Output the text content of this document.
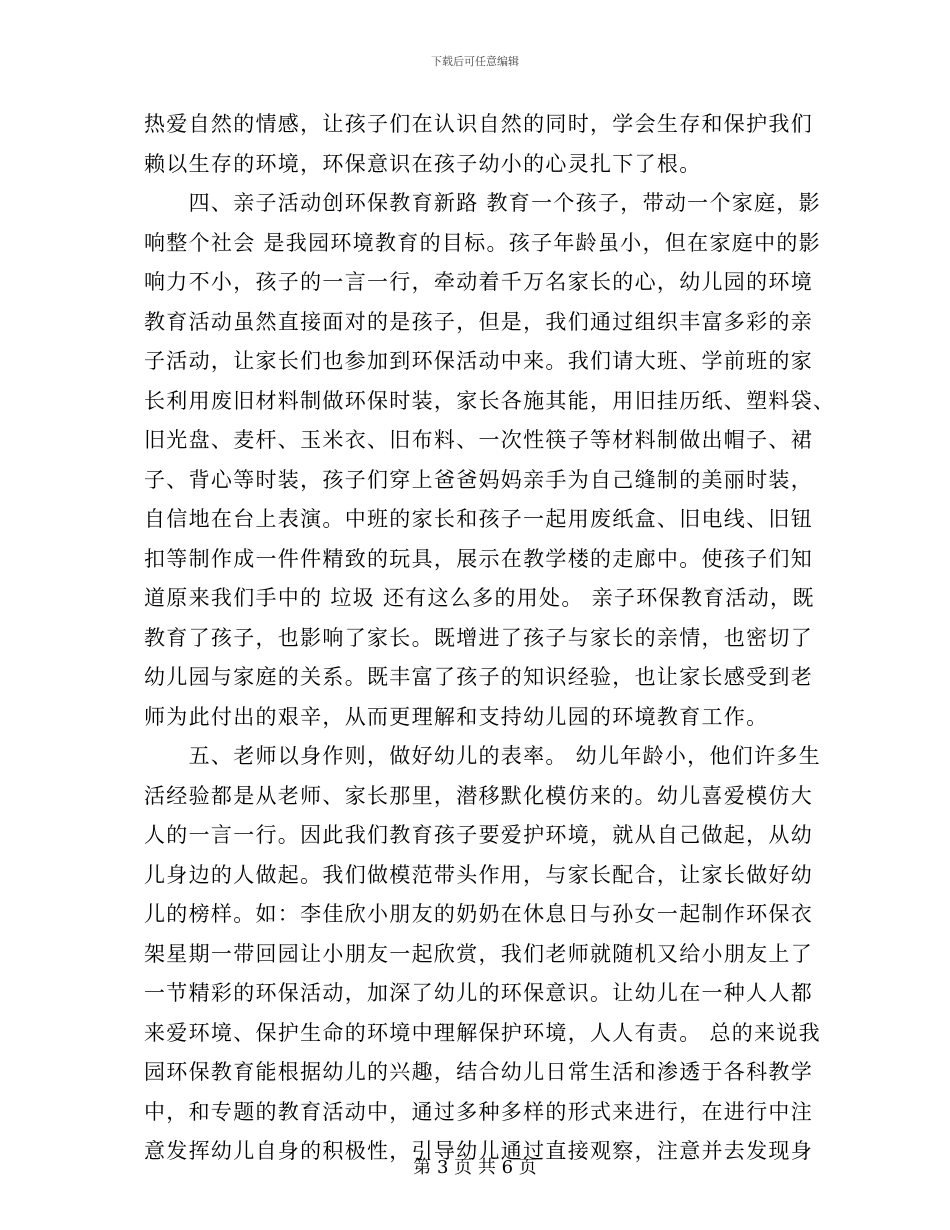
下载后可任意编辑
热爱自然的情感，让孩子们在认识自然的同时，学会生存和保护我们
赖以生存的环境，环保意识在孩子幼小的心灵扎下了根。
　　四、亲子活动创环保教育新路 教育一个孩子，带动一个家庭，影
响整个社会 是我园环境教育的目标。孩子年龄虽小，但在家庭中的影
响力不小，孩子的一言一行，牵动着千万名家长的心，幼儿园的环境
教育活动虽然直接面对的是孩子，但是，我们通过组织丰富多彩的亲
子活动，让家长们也参加到环保活动中来。我们请大班、学前班的家
长利用废旧材料制做环保时装，家长各施其能，用旧挂历纸、塑料袋、
旧光盘、麦杆、玉米衣、旧布料、一次性筷子等材料制做出帽子、裙
子、背心等时装，孩子们穿上爸爸妈妈亲手为自己缝制的美丽时装，
自信地在台上表演。中班的家长和孩子一起用废纸盒、旧电线、旧钮
扣等制作成一件件精致的玩具，展示在教学楼的走廊中。使孩子们知
道原来我们手中的 垃圾 还有这么多的用处。 亲子环保教育活动，既
教育了孩子，也影响了家长。既增进了孩子与家长的亲情，也密切了
幼儿园与家庭的关系。既丰富了孩子的知识经验，也让家长感受到老
师为此付出的艰辛，从而更理解和支持幼儿园的环境教育工作。
　　五、老师以身作则，做好幼儿的表率。 幼儿年龄小，他们许多生
活经验都是从老师、家长那里，潜移默化模仿来的。幼儿喜爱模仿大
人的一言一行。因此我们教育孩子要爱护环境，就从自己做起，从幼
儿身边的人做起。我们做模范带头作用，与家长配合，让家长做好幼
儿的榜样。如：李佳欣小朋友的奶奶在休息日与孙女一起制作环保衣
架星期一带回园让小朋友一起欣赏，我们老师就随机又给小朋友上了
一节精彩的环保活动，加深了幼儿的环保意识。让幼儿在一种人人都
来爱环境、保护生命的环境中理解保护环境，人人有责。 总的来说我
园环保教育能根据幼儿的兴趣，结合幼儿日常生活和渗透于各科教学
中，和专题的教育活动中，通过多种多样的形式来进行，在进行中注
意发挥幼儿自身的积极性，引导幼儿通过直接观察，注意并去发现身
第 3 页 共 6 页
